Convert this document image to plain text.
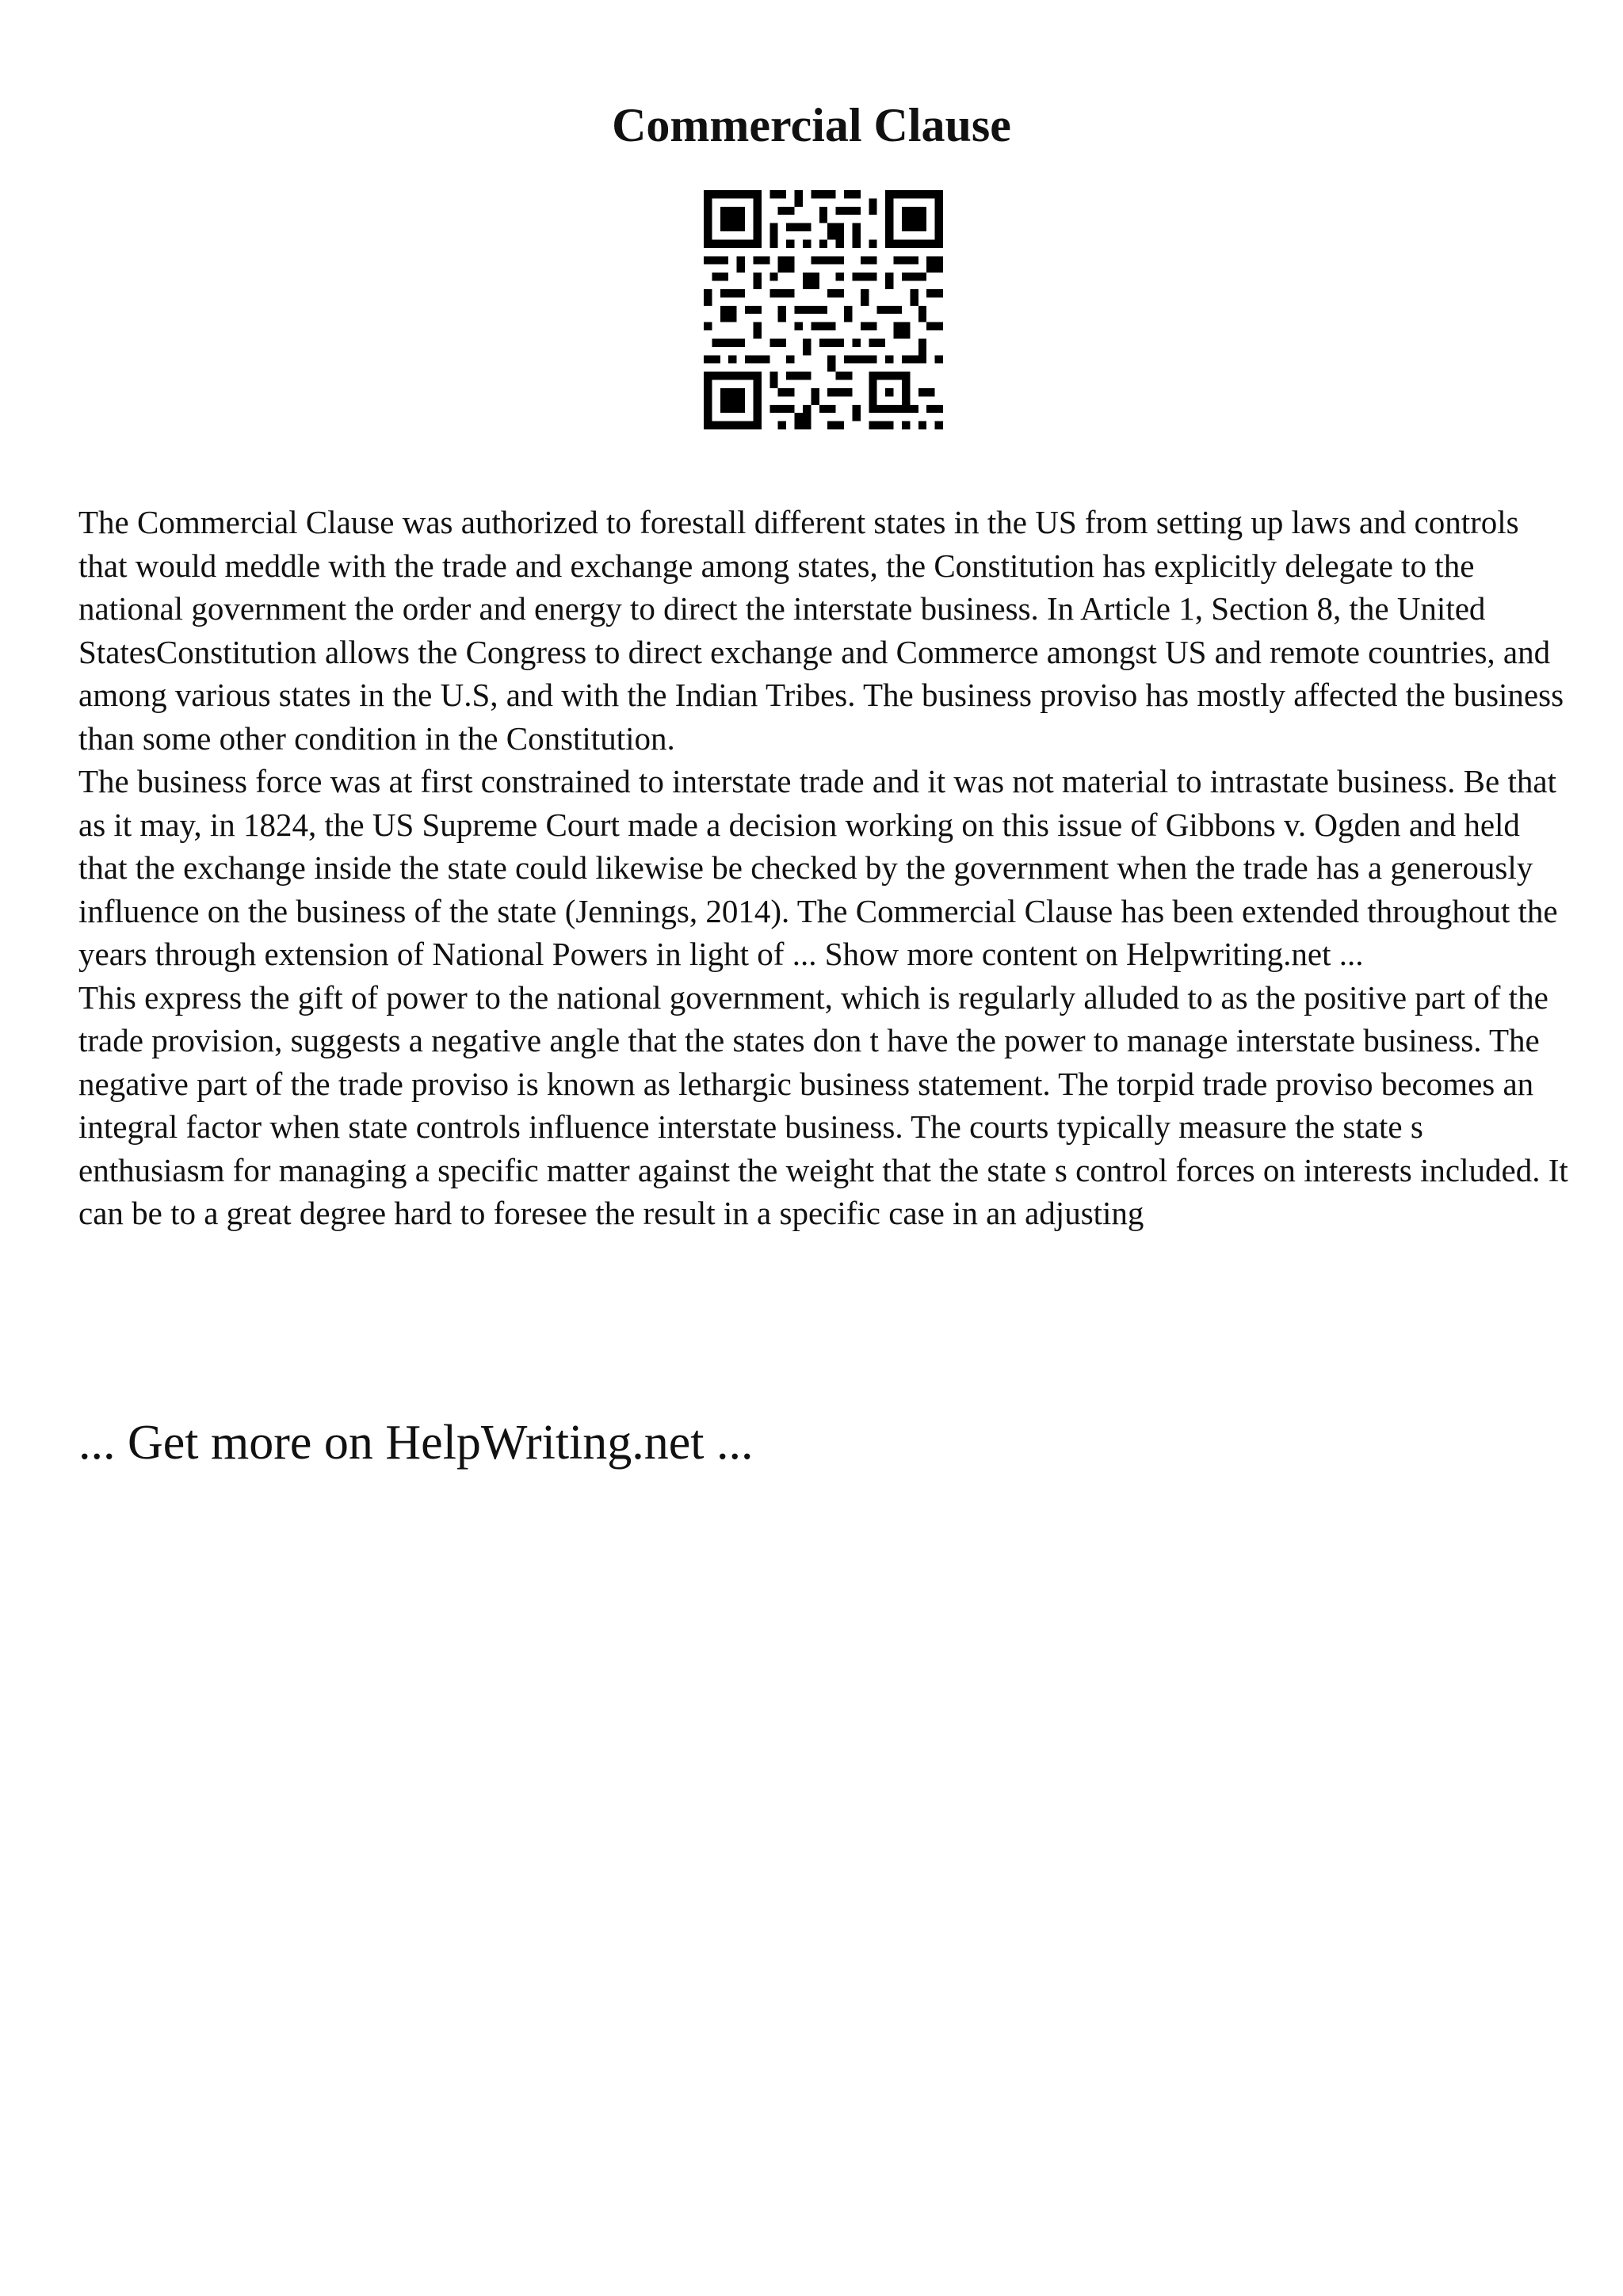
Commercial Clause

The Commercial Clause was authorized to forestall different states in the US from setting up laws and controls that would meddle with the trade and exchange among states, the Constitution has explicitly delegate to the national government the order and energy to direct the interstate business. In Article 1, Section 8, the United StatesConstitution allows the Congress to direct exchange and Commerce amongst US and remote countries, and among various states in the U.S, and with the Indian Tribes. The business proviso has mostly affected the business than some other condition in the Constitution.

The business force was at first constrained to interstate trade and it was not material to intrastate business. Be that as it may, in 1824, the US Supreme Court made a decision working on this issue of Gibbons v. Ogden and held that the exchange inside the state could likewise be checked by the government when the trade has a generously influence on the business of the state (Jennings, 2014). The Commercial Clause has been extended throughout the years through extension of National Powers in light of ... Show more content on Helpwriting.net ...

This express the gift of power to the national government, which is regularly alluded to as the positive part of the trade provision, suggests a negative angle that the states don t have the power to manage interstate business. The negative part of the trade proviso is known as lethargic business statement. The torpid trade proviso becomes an integral factor when state controls influence interstate business. The courts typically measure the state s enthusiasm for managing a specific matter against the weight that the state s control forces on interests included. It can be to a great degree hard to foresee the result in a specific case in an adjusting

... Get more on HelpWriting.net ...
